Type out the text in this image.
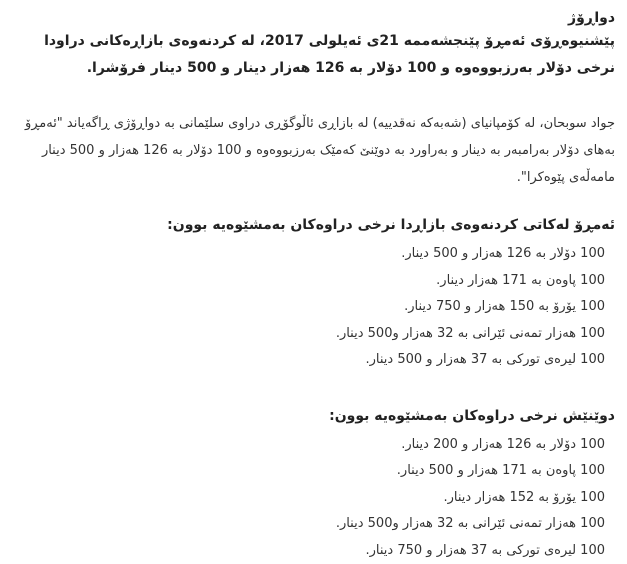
دواڕۆژ

پێشنیوەڕۆی ئەمڕۆ پێنجشەممە 21ی ئەیلولی 2017، لە کردنەوەی بازاڕەکانی دراودا نرخی دۆلار بەرزبووەوە و 100 دۆلار بە 126 هەزار دینار و 500 دینار فرۆشرا.

جواد سوبحان، لە کۆمپانیای (شەبەکە نەقدییە) لە بازاڕی ئاڵوگۆڕی دراوی سلێمانی بە دواڕۆژی ڕاگەیاند "ئەمڕۆ بەهای دۆلار بەرامبەر بە دینار و بەراورد بە دوێنێ کەمێک بەرزبووەوە و 100 دۆلار بە 126 هەزار و 500 دینار مامەڵەی پێوەکرا".

ئەمڕۆ لەکاتی کردنەوەی بازاڕدا نرخی دراوەکان بەمشێوەیە بوون:

100 دۆلار بە 126 هەزار و 500 دینار.
100 پاوەن بە 171 هەزار دینار.
100 یۆرۆ بە 150 هەزار و 750 دینار.
100 هەزار تمەنی ئێرانی بە 32 هەزار و500 دینار.
100 لیرەی تورکی بە 37 هەزار و 500 دینار.

دوێنێش نرخی دراوەکان بەمشێوەیە بوون:

100 دۆلار بە 126 هەزار و 200 دینار.
100 پاوەن بە 171 هەزار و 500 دینار.
100 یۆرۆ بە 152 هەزار دینار.
100 هەزار تمەنی ئێرانی بە 32 هەزار و500 دینار.
100 لیرەی تورکی بە 37 هەزار و 750 دینار.
